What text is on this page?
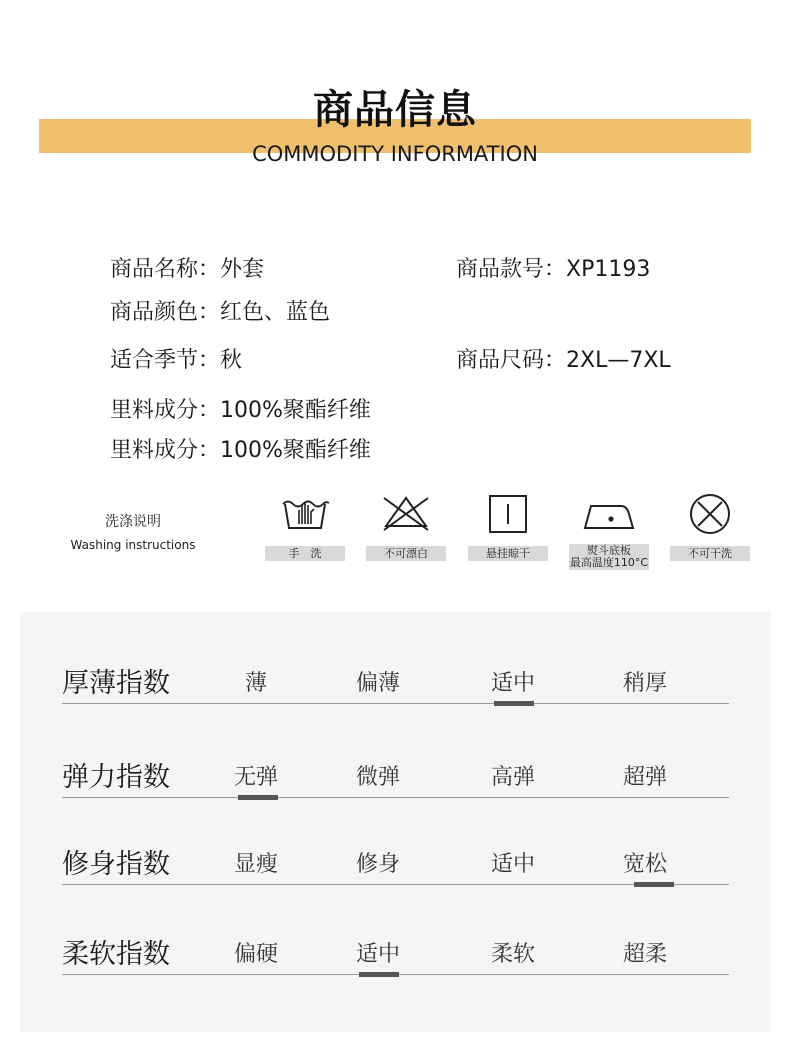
商品信息
COMMODITY INFORMATION
商品名称：外套	商品款号：XP1193
商品颜色：红色、蓝色
适合季节：秋	商品尺码：2XL—7XL
里料成分：100%聚酯纤维
里料成分：100%聚酯纤维
洗涤说明
Washing instructions
手　洗	不可漂白	悬挂晾干	熨斗底板
最高温度110°C
不可干洗
厚薄指数	薄	偏薄	适中	稍厚
弹力指数	无弹	微弹	高弹	超弹
修身指数	显瘦	修身	适中	宽松
柔软指数	偏硬	适中	柔软	超柔
